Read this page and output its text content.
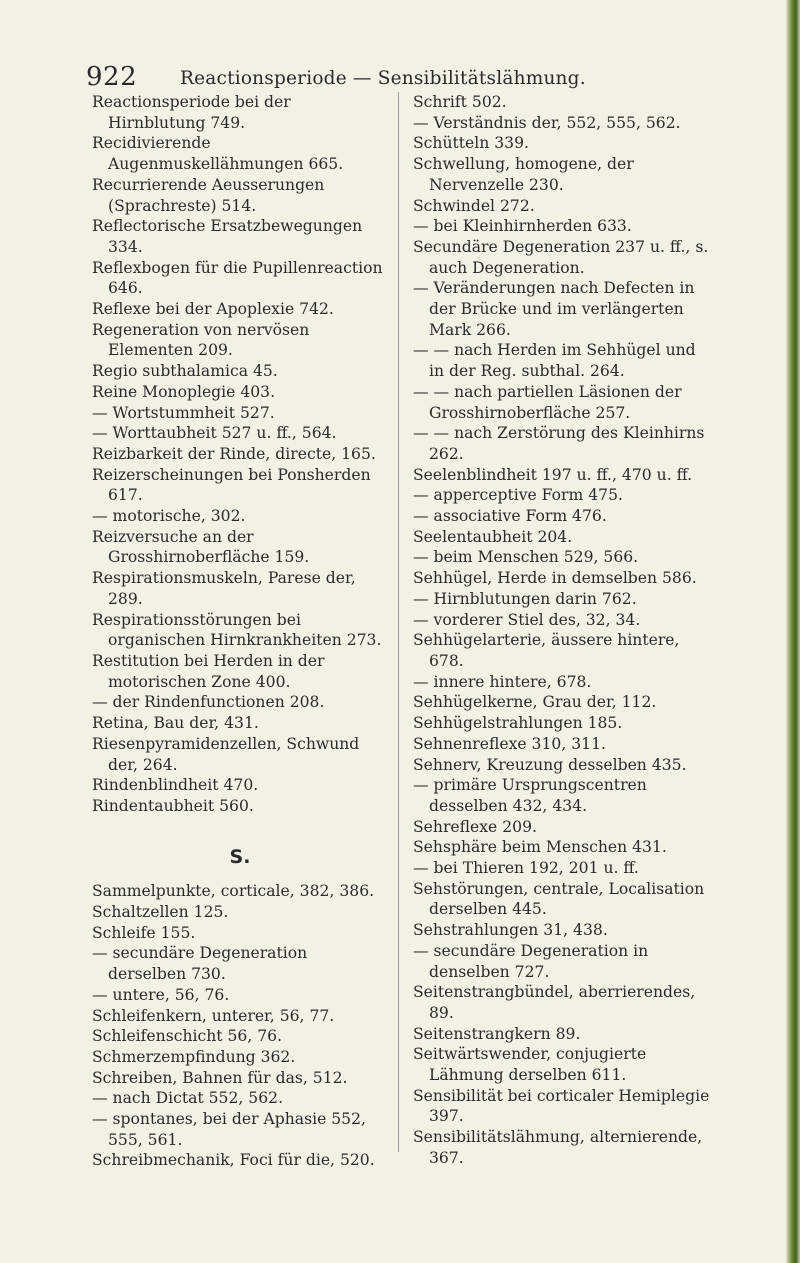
922 Reactionsperiode — Sensibilitätslähmung.
Reactionsperiode bei der Hirnblutung 749.
Recidivierende Augenmuskellähmungen 665.
Recurrierende Aeusserungen (Sprachreste) 514.
Reflectorische Ersatzbewegungen 334.
Reflexbogen für die Pupillenreaction 646.
Reflexe bei der Apoplexie 742.
Regeneration von nervösen Elementen 209.
Regio subthalamica 45.
Reine Monoplegie 403.
— Wortstummheit 527.
— Worttaubheit 527 u. ff., 564.
Reizbarkeit der Rinde, directe, 165.
Reizerscheinungen bei Ponsherden 617.
— motorische, 302.
Reizversuche an der Grosshirnoberfläche 159.
Respirationsmuskeln, Parese der, 289.
Respirationsstörungen bei organischen Hirnkrankheiten 273.
Restitution bei Herden in der motorischen Zone 400.
— der Rindenfunctionen 208.
Retina, Bau der, 431.
Riesenpyramidenzellen, Schwund der, 264.
Rindenblindheit 470.
Rindentaubheit 560.
S.
Sammelpunkte, corticale, 382, 386.
Schaltzellen 125.
Schleife 155.
— secundäre Degeneration derselben 730.
— untere, 56, 76.
Schleifenkern, unterer, 56, 77.
Schleifenschicht 56, 76.
Schmerzempfindung 362.
Schreiben, Bahnen für das, 512.
— nach Dictat 552, 562.
— spontanes, bei der Aphasie 552, 555, 561.
Schreibmechanik, Foci für die, 520.
Schrift 502.
— Verständnis der, 552, 555, 562.
Schütteln 339.
Schwellung, homogene, der Nervenzelle 230.
Schwindel 272.
— bei Kleinhirnherden 633.
Secundäre Degeneration 237 u. ff., s. auch Degeneration.
— Veränderungen nach Defecten in der Brücke und im verlängerten Mark 266.
— — nach Herden im Sehhügel und in der Reg. subthal. 264.
— — nach partiellen Läsionen der Grosshirnoberfläche 257.
— — nach Zerstörung des Kleinhirns 262.
Seelenblindheit 197 u. ff., 470 u. ff.
— apperceptive Form 475.
— associative Form 476.
Seelentaubheit 204.
— beim Menschen 529, 566.
Sehhügel, Herde in demselben 586.
— Hirnblutungen darin 762.
— vorderer Stiel des, 32, 34.
Sehhügelarterie, äussere hintere, 678.
— innere hintere, 678.
Sehhügelkerne, Grau der, 112.
Sehhügelstrahlungen 185.
Sehnenreflexe 310, 311.
Sehnerv, Kreuzung desselben 435.
— primäre Ursprungscentren desselben 432, 434.
Sehreflexe 209.
Sehsphäre beim Menschen 431.
— bei Thieren 192, 201 u. ff.
Sehstörungen, centrale, Localisation derselben 445.
Sehstrahlungen 31, 438.
— secundäre Degeneration in denselben 727.
Seitenstrangbündel, aberrierendes, 89.
Seitenstrangkern 89.
Seitwärtswender, conjugierte Lähmung derselben 611.
Sensibilität bei corticaler Hemiplegie 397.
Sensibilitätslähmung, alternierende, 367.
